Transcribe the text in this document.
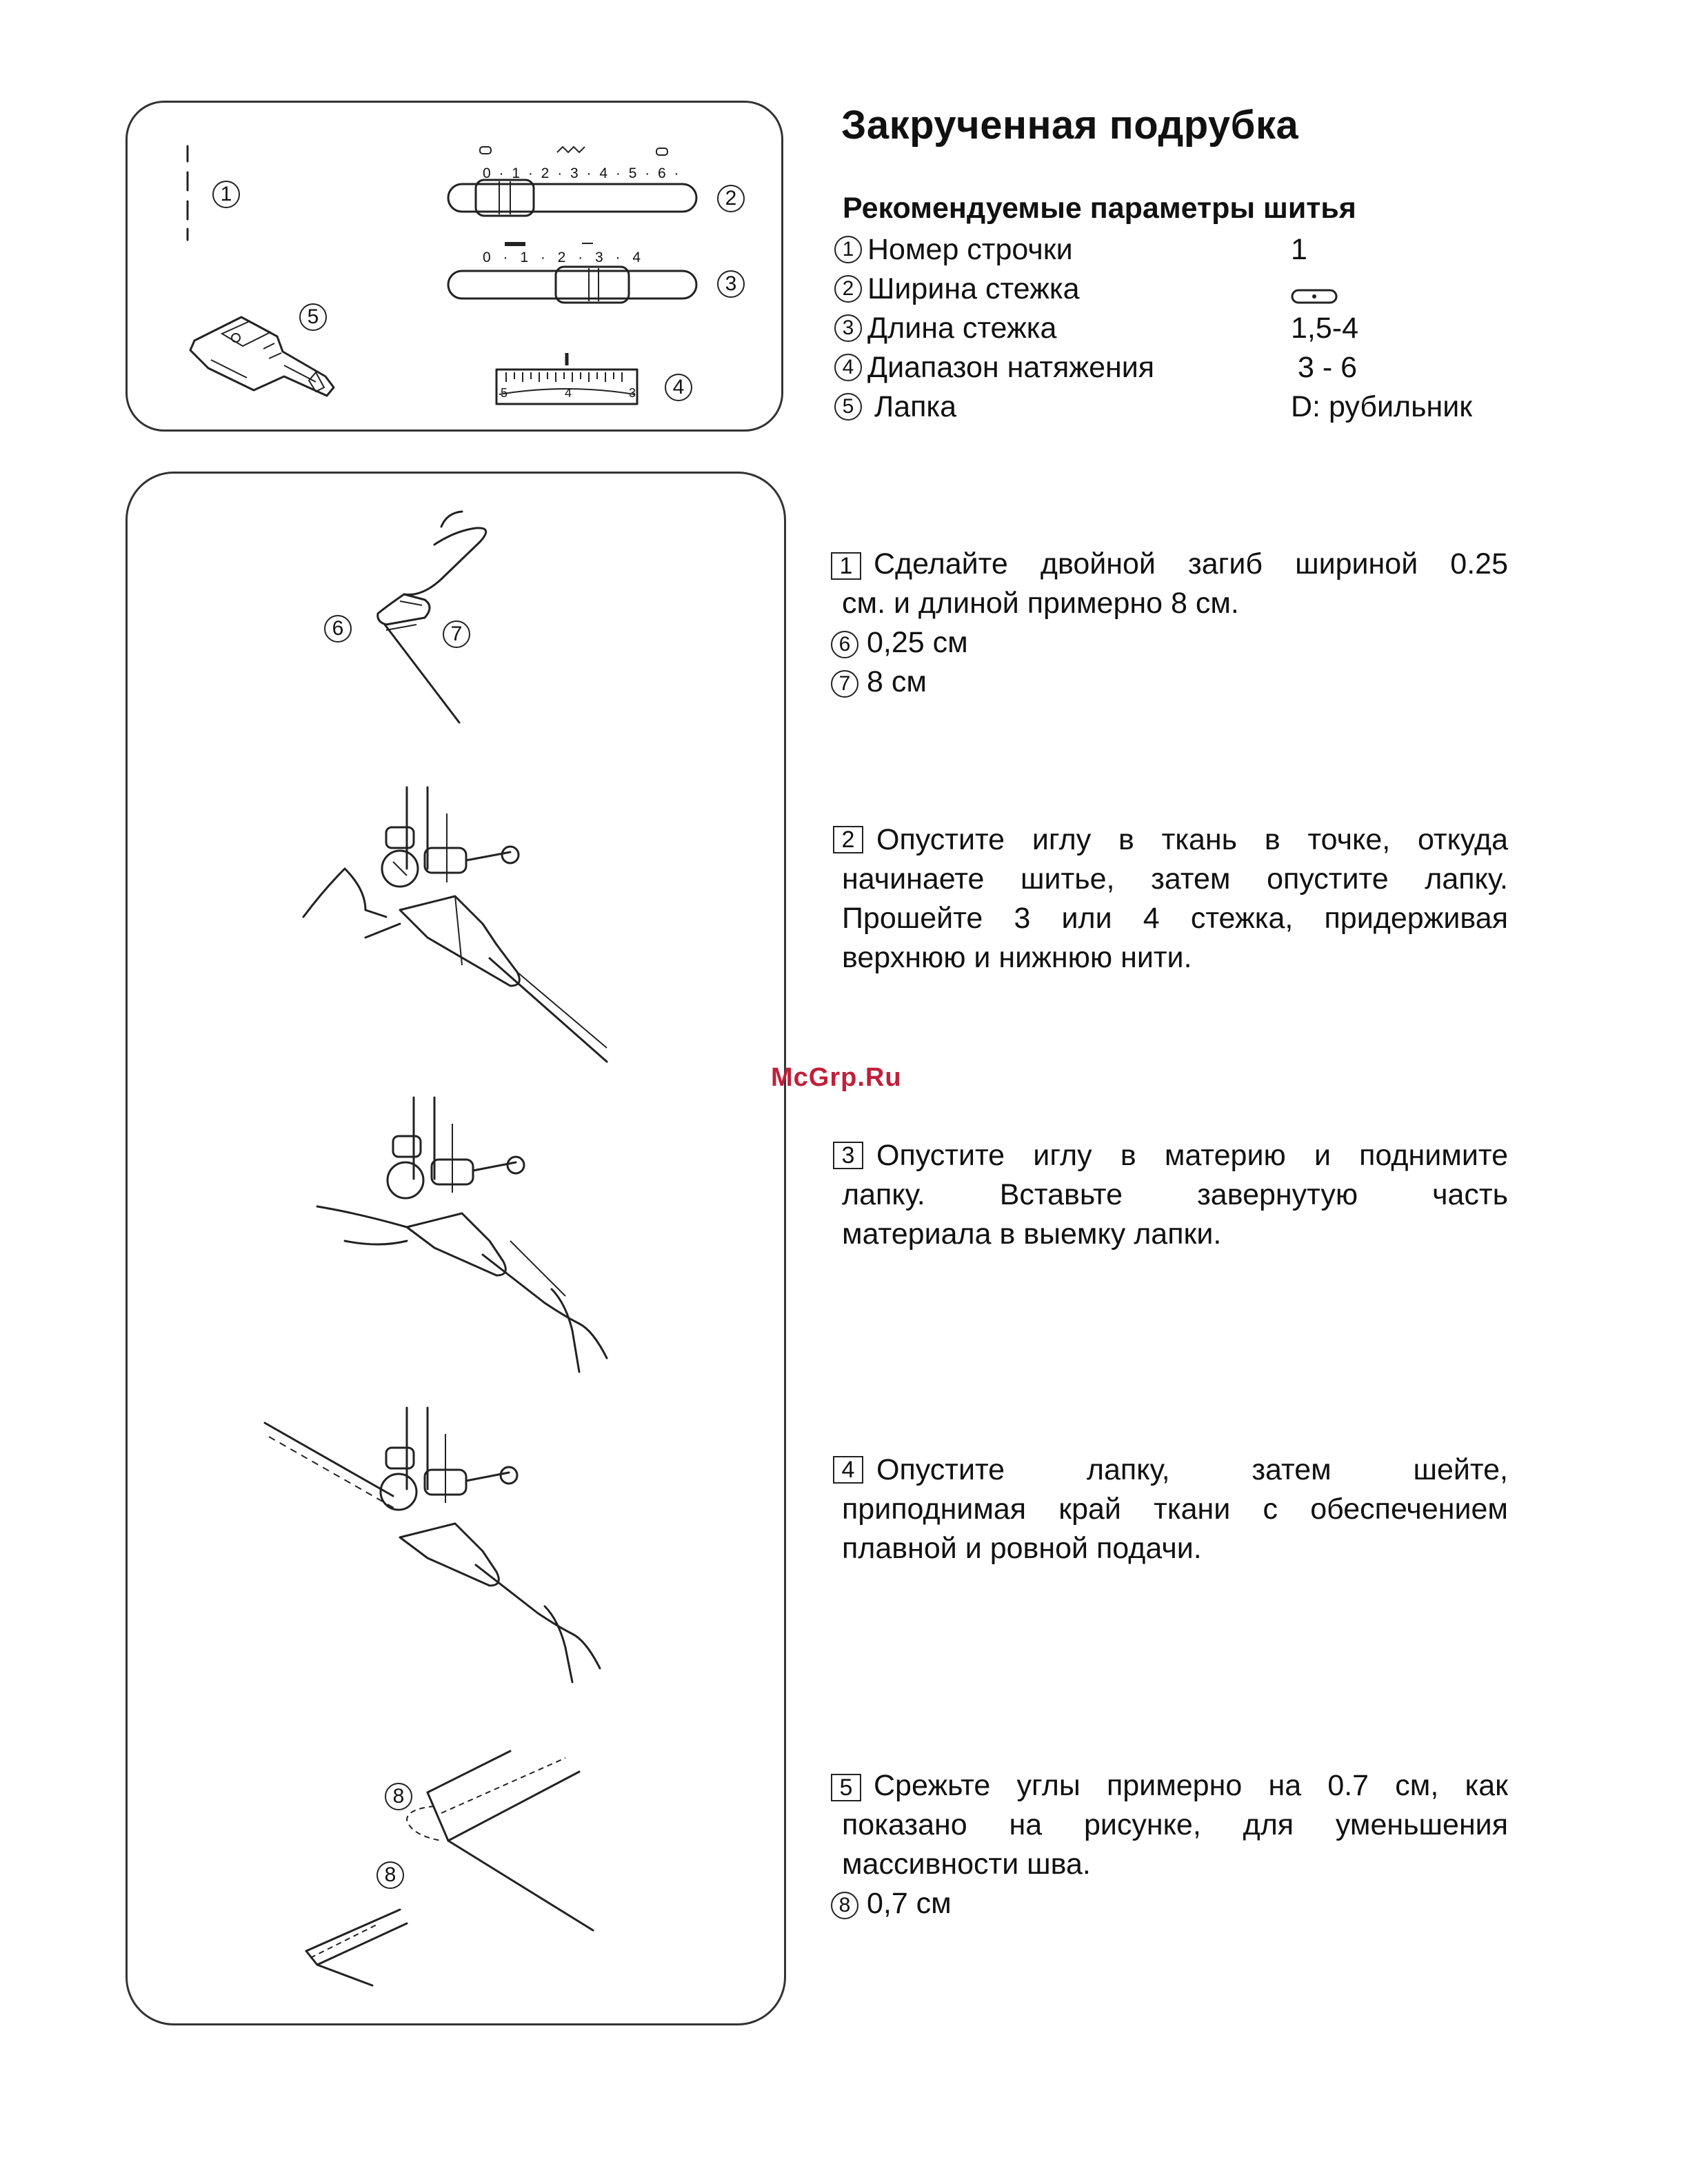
1
0 · 1 · 2 · 3 · 4 · 5 · 6 ·
2
0 · 1 · 2 · 3 · 4
3
5
5	4	3	4
Закрученная подрубка

Рекомендуемые параметры шитья

1 Номер строчки	1
2 Ширина стежка
3 Длина стежка	1,5-4
4 Диапазон натяжения	3 - 6
5 Лапка	D: рубильник
6	7
2
3
4
8
8
1 Сделайте двойной загиб шириной 0.25
см. и длиной примерно 8 см.
6 0,25 см
7 8 см
Опустите иглу в ткань в точке, откуда
начинаете шитье, затем опустите лапку.
Прошейте 3 или 4 стежка, придерживая
верхнюю и нижнюю нити.
Опустите иглу в материю и поднимите
лапку. Вставьте завернутую часть
материала в выемку лапки.
Опустите лапку, затем шейте,
приподнимая край ткани с обеспечением
плавной и ровной подачи.
5 Срежьте углы примерно на 0.7 см, как
показано на рисунке, для уменьшения
массивности шва.
8 0,7 см
McGrp.Ru
